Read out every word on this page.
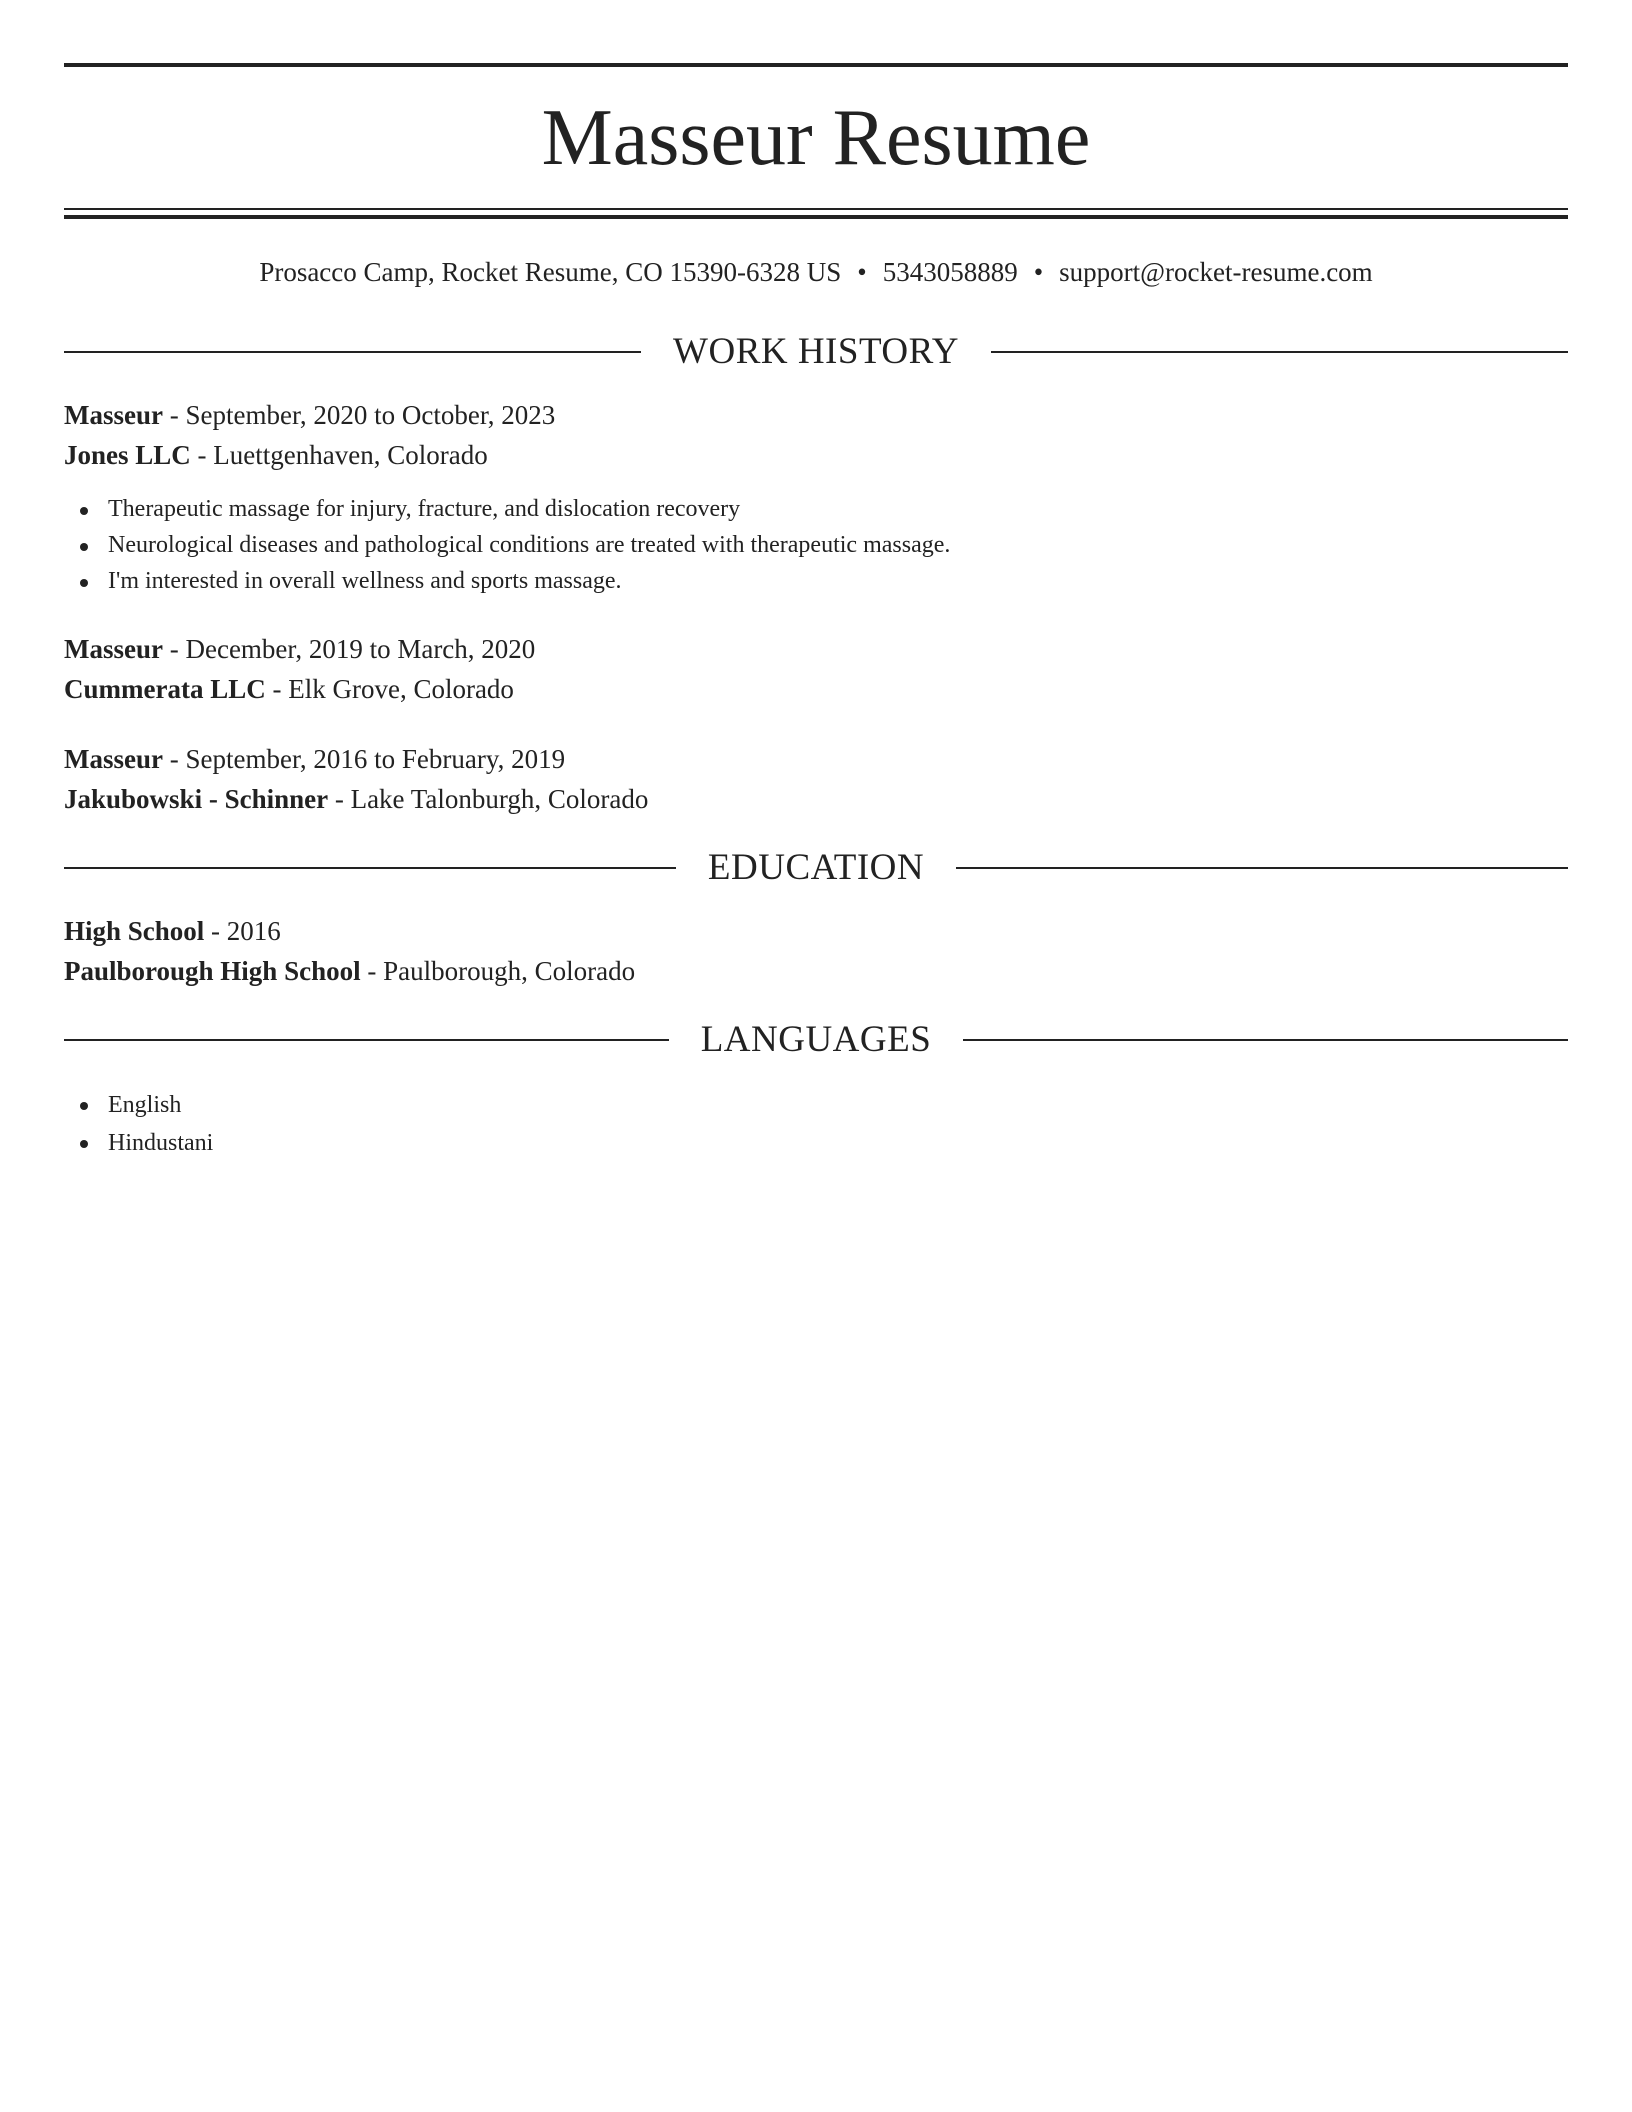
Masseur Resume
Prosacco Camp, Rocket Resume, CO 15390-6328 US • 5343058889 • support@rocket-resume.com
WORK HISTORY
Masseur - September, 2020 to October, 2023
Jones LLC - Luettgenhaven, Colorado
Therapeutic massage for injury, fracture, and dislocation recovery
Neurological diseases and pathological conditions are treated with therapeutic massage.
I'm interested in overall wellness and sports massage.
Masseur - December, 2019 to March, 2020
Cummerata LLC - Elk Grove, Colorado
Masseur - September, 2016 to February, 2019
Jakubowski - Schinner - Lake Talonburgh, Colorado
EDUCATION
High School - 2016
Paulborough High School - Paulborough, Colorado
LANGUAGES
English
Hindustani
